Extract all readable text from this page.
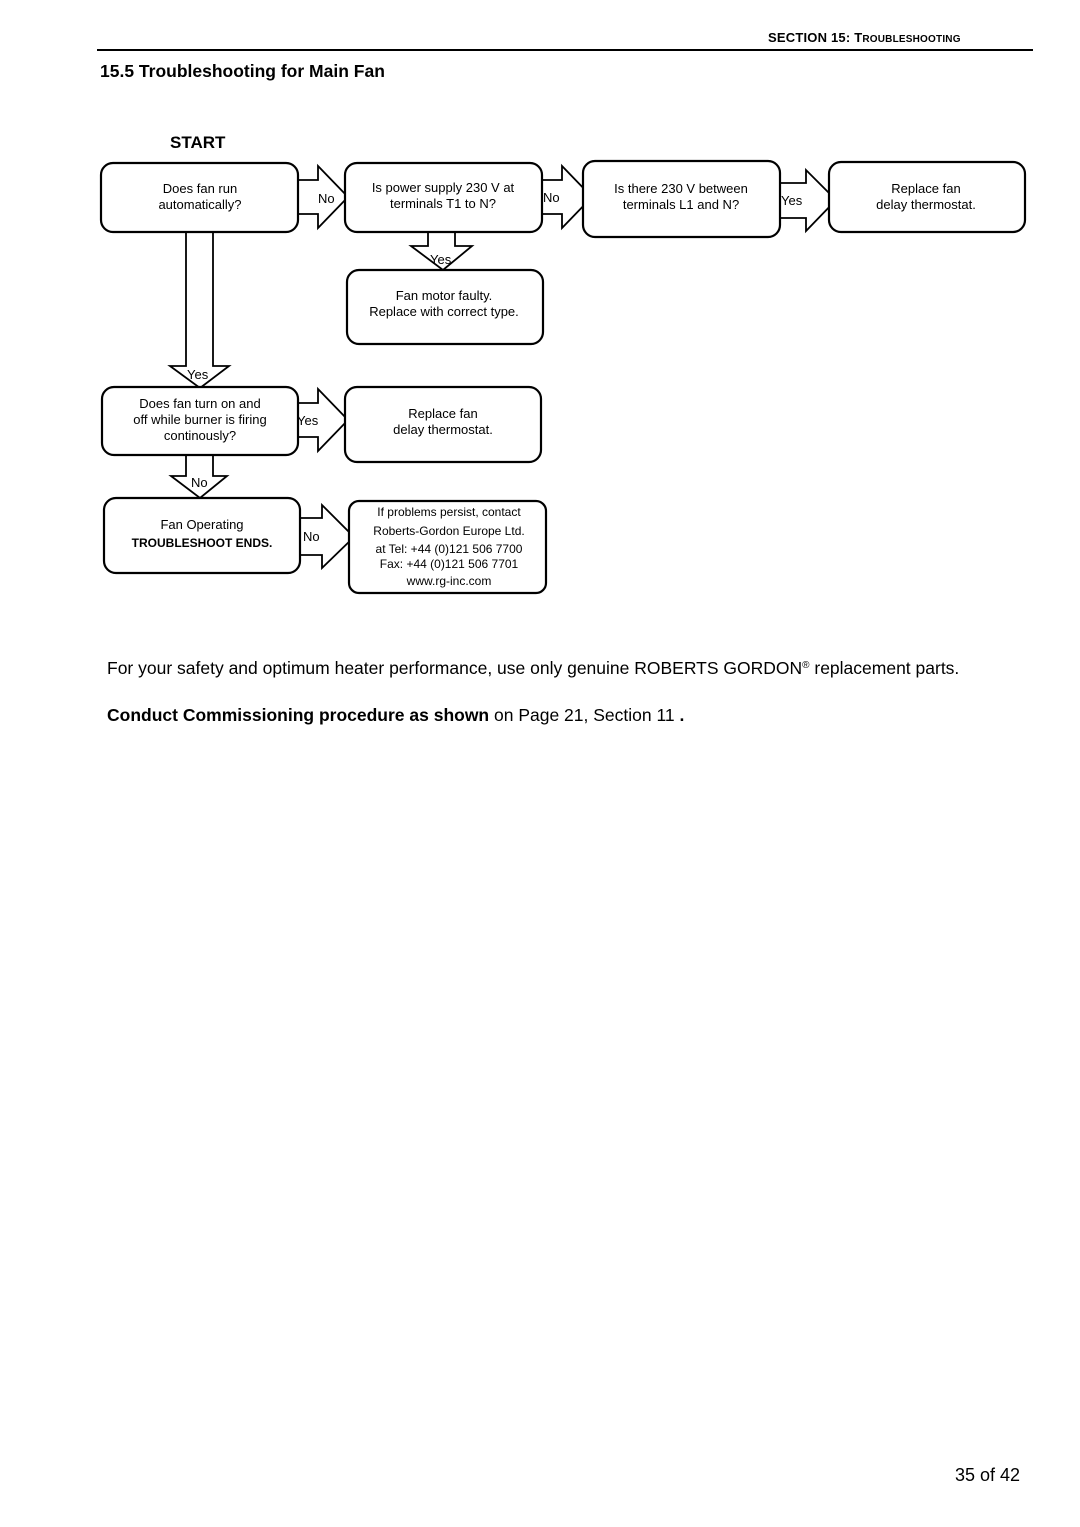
SECTION 15: TROUBLESHOOTING
15.5 Troubleshooting for Main Fan
START
No	No	Yes
Yes
Yes
Yes
No
No
Does fan run
automatically?
Is power supply 230 V at
terminals T1 to N?
Is there 230 V between
terminals L1 and N?
Replace fan
delay thermostat.
Fan motor faulty.
Replace with correct type.
Does fan turn on and
off while burner is firing
continously?
Replace fan
delay thermostat.
Fan Operating
TROUBLESHOOT ENDS.
If problems persist, contact
Roberts-Gordon Europe Ltd.
at Tel: +44 (0)121 506 7700
Fax: +44 (0)121 506 7701
www.rg-inc.com
For your safety and optimum heater performance, use only genuine ROBERTS GORDON® replacement parts.
Conduct Commissioning procedure as shown on Page 21, Section 11 .
35 of 42
